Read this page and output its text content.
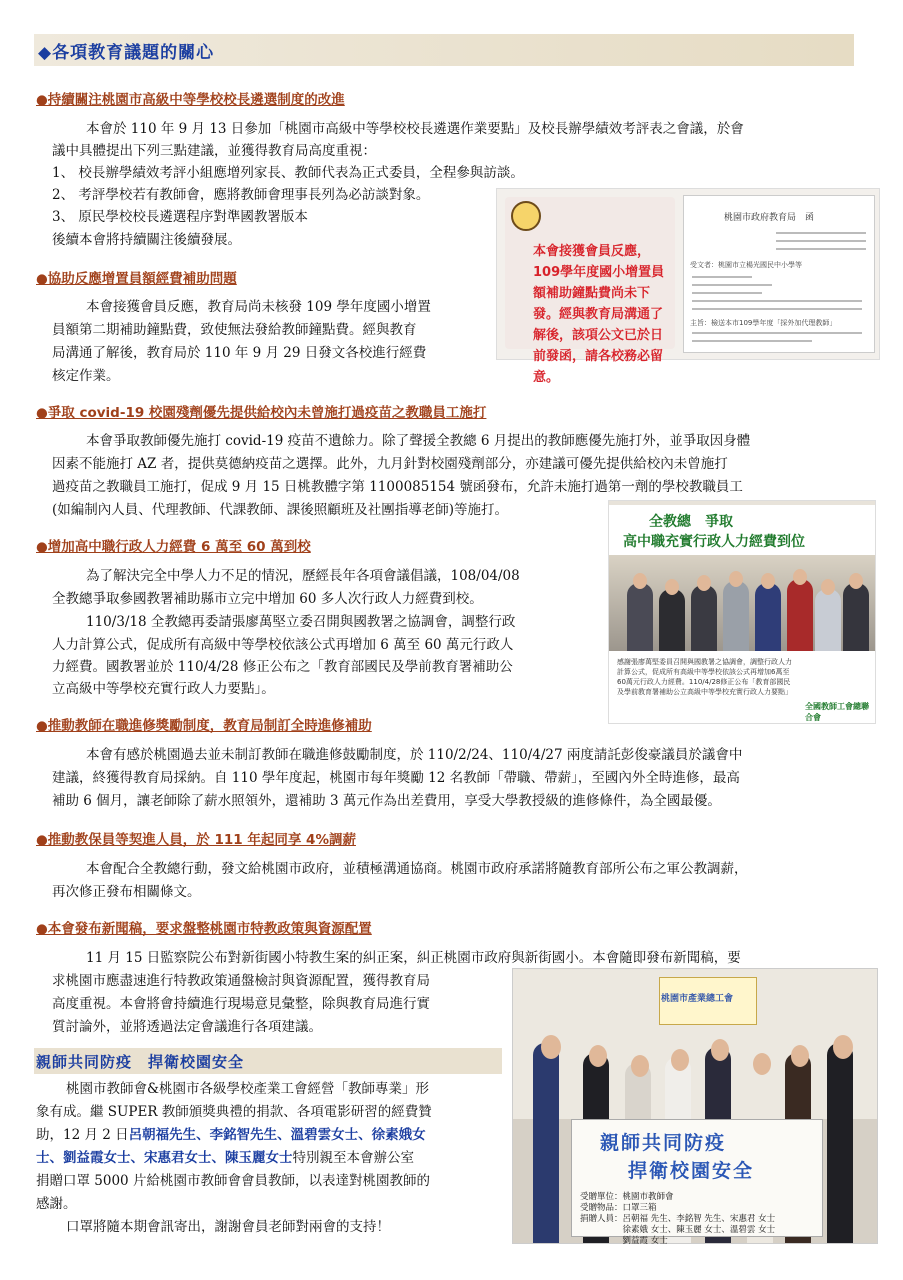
◆各項教育議題的關心
●持續關注桃園市高級中等學校校長遴選制度的改進
本會於 110 年 9 月 13 日參加「桃園市高級中等學校校長遴選作業要點」及校長辦學績效考評表之會議，於會
議中具體提出下列三點建議，並獲得教育局高度重視：
1、 校長辦學績效考評小組應增列家長、教師代表為正式委員，全程參與訪談。
2、 考評學校若有教師會，應將教師會理事長列為必訪談對象。
3、 原民學校校長遴選程序對準國教署版本
後續本會將持續關注後續發展。
本會接獲會員反應，109學年度國小增置員額補助鐘點費尚未下發。經與教育局溝通了解後，該項公文已於日前發函，請各校務必留意。
桃園市政府教育局　函
受文者：桃園市立楊光國民中小學等
主旨：檢送本市109學年度「採外加代理教師」
●協助反應增置員額經費補助問題
本會接獲會員反應，教育局尚未核發 109 學年度國小增置
員額第二期補助鐘點費，致使無法發給教師鐘點費。經與教育
局溝通了解後，教育局於 110 年 9 月 29 日發文各校進行經費
核定作業。
●爭取 covid-19 校園殘劑優先提供給校內未曾施打過疫苗之教職員工施打
本會爭取教師優先施打 covid-19 疫苗不遺餘力。除了聲援全教總 6 月提出的教師應優先施打外，並爭取因身體
因素不能施打 AZ 者，提供莫德納疫苗之選擇。此外，九月針對校園殘劑部分，亦建議可優先提供給校內未曾施打
過疫苗之教職員工施打，促成 9 月 15 日桃教體字第 1100085154 號函發布，允許未施打過第一劑的學校教職員工
(如編制內人員、代理教師、代課教師、課後照顧班及社團指導老師)等施打。
●增加高中職行政人力經費 6 萬至 60 萬到校
為了解決完全中學人力不足的情況，歷經長年各項會議倡議，108/04/08
全教總爭取參國教署補助縣市立完中增加 60 多人次行政人力經費到校。
110/3/18 全教總再委請張廖萬堅立委召開與國教署之協調會，調整行政
人力計算公式，促成所有高級中等學校依該公式再增加 6 萬至 60 萬元行政人
力經費。國教署並於 110/4/28 修正公布之「教育部國民及學前教育署補助公
立高級中等學校充實行政人力要點」。
全教總　爭取
高中職充實行政人力經費到位
感謝張廖萬堅委員召開與國教署之協調會，調整行政人力計算公式，促成所有高級中等學校依該公式再增加6萬至60萬元行政人力經費。110/4/28修正公布「教育部國民及學前教育署補助公立高級中等學校充實行政人力要點」
全國教師工會總聯合會
●推動教師在職進修獎勵制度，教育局制訂全時進修補助
本會有感於桃園過去並未制訂教師在職進修鼓勵制度，於 110/2/24、110/4/27 兩度請託彭俊豪議員於議會中
建議，終獲得教育局採納。自 110 學年度起，桃園市每年獎勵 12 名教師「帶職、帶薪」，至國內外全時進修，最高
補助 6 個月，讓老師除了薪水照領外，還補助 3 萬元作為出差費用，享受大學教授級的進修條件，為全國最優。
●推動教保員等契進人員，於 111 年起同享 4%調薪
本會配合全教總行動，發文給桃園市政府，並積極溝通協商。桃園市政府承諾將隨教育部所公布之軍公教調薪，
再次修正發布相關條文。
●本會發布新聞稿，要求盤整桃園市特教政策與資源配置
11 月 15 日監察院公布對新街國小特教生案的糾正案，糾正桃園市政府與新街國小。本會隨即發布新聞稿，要
求桃園市應盡速進行特教政策通盤檢討與資源配置，獲得教育局
高度重視。本會將會持續進行現場意見彙整，除與教育局進行實
質討論外，並將透過法定會議進行各項建議。
親師共同防疫　捍衛校園安全
桃園市教師會&桃園市各級學校產業工會經營「教師專業」形
象有成。繼 SUPER 教師頒獎典禮的捐款、各項電影研習的經費贊
助，12 月 2 日呂朝福先生、李銘智先生、溫碧雲女士、徐素娥女
士、劉益霞女士、宋惠君女士、陳玉麗女士特別親至本會辦公室
捐贈口罩 5000 片給桃園市教師會會員教師，以表達對桃園教師的
感謝。
口罩將隨本期會訊寄出，謝謝會員老師對兩會的支持！
桃園市產業總工會
親師共同防疫
捍衛校園安全
受贈單位：桃園市教師會
受贈物品：口罩三箱
捐贈人員：呂朝福 先生、李銘智 先生、宋惠君 女士
　　　　　徐素娥 女士、陳玉麗 女士、溫碧雲 女士
　　　　　劉益霞 女士
